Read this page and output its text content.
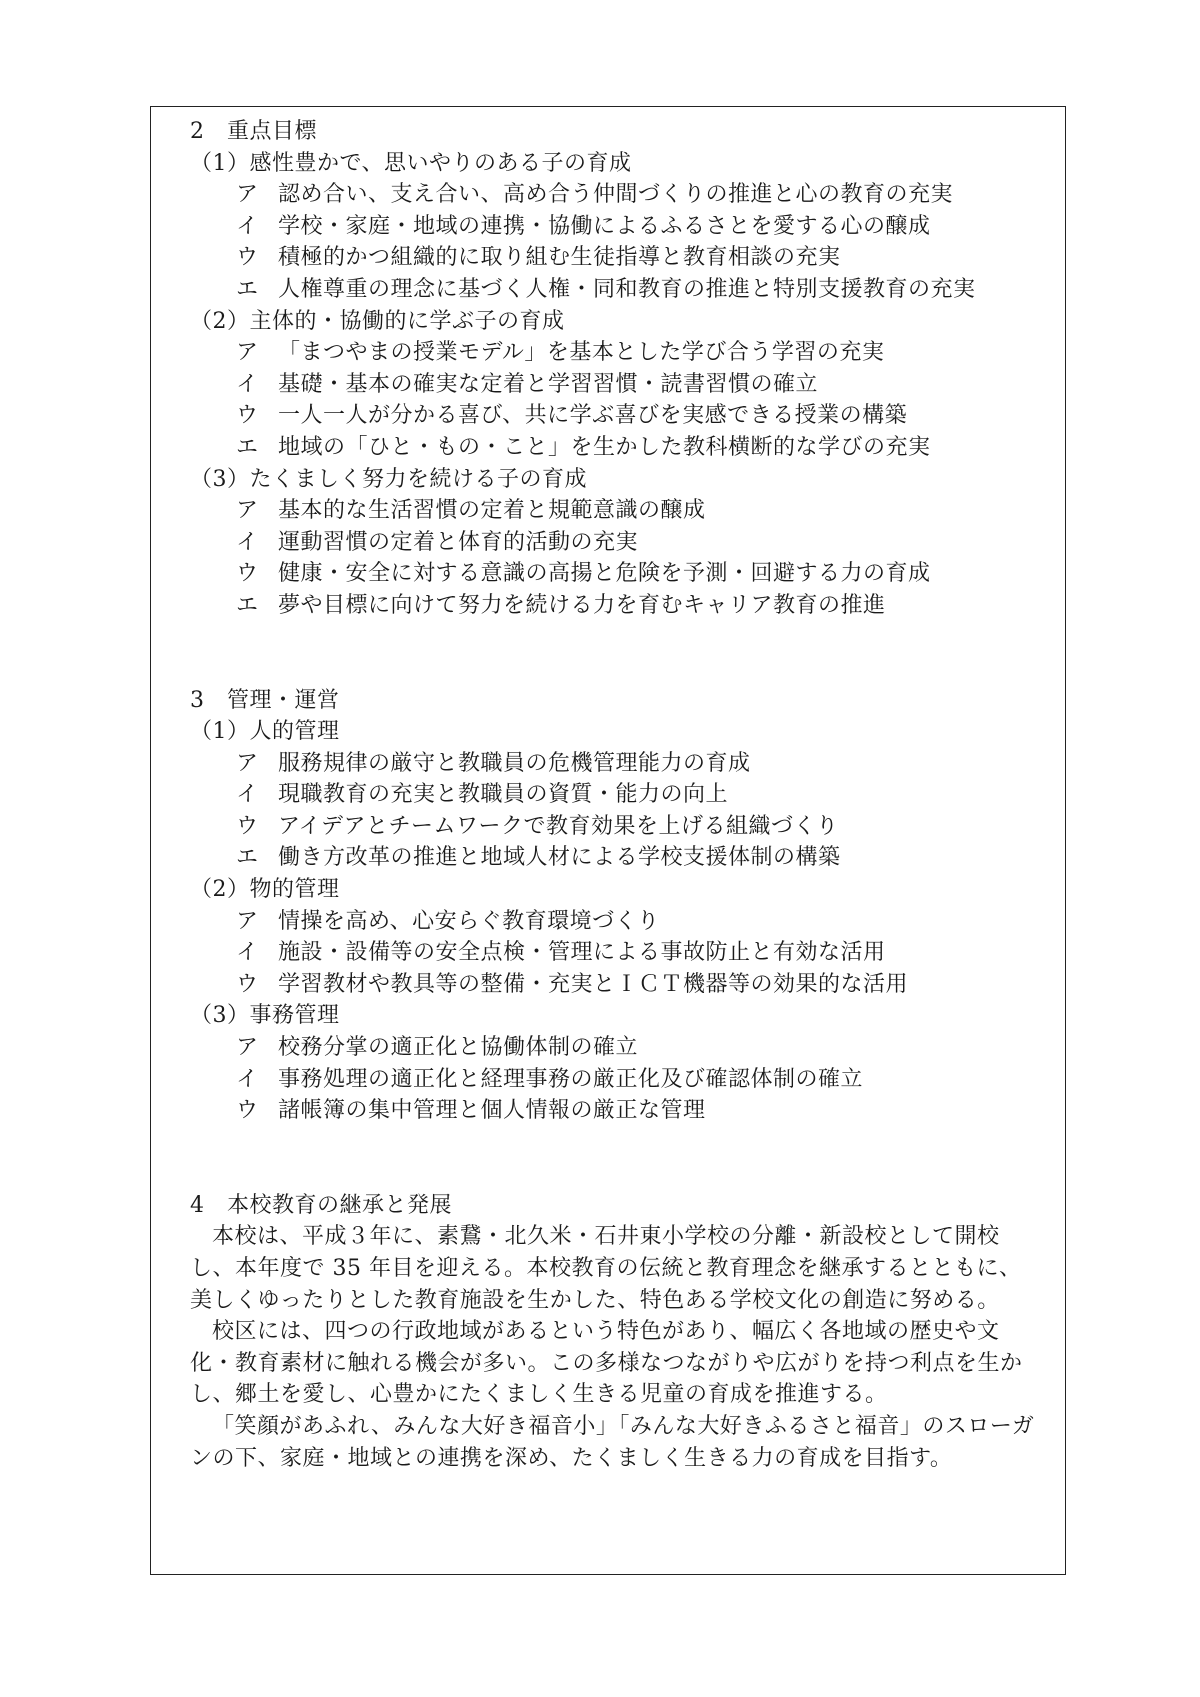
2　重点目標
（1）感性豊かで、思いやりのある子の育成
ア 認め合い、支え合い、高め合う仲間づくりの推進と心の教育の充実
イ 学校・家庭・地域の連携・協働によるふるさとを愛する心の醸成
ウ 積極的かつ組織的に取り組む生徒指導と教育相談の充実
エ 人権尊重の理念に基づく人権・同和教育の推進と特別支援教育の充実
（2）主体的・協働的に学ぶ子の育成
ア 「まつやまの授業モデル」を基本とした学び合う学習の充実
イ 基礎・基本の確実な定着と学習習慣・読書習慣の確立
ウ 一人一人が分かる喜び、共に学ぶ喜びを実感できる授業の構築
エ 地域の「ひと・もの・こと」を生かした教科横断的な学びの充実
（3）たくましく努力を続ける子の育成
ア 基本的な生活習慣の定着と規範意識の醸成
イ 運動習慣の定着と体育的活動の充実
ウ 健康・安全に対する意識の高揚と危険を予測・回避する力の育成
エ 夢や目標に向けて努力を続ける力を育むキャリア教育の推進
3　管理・運営
（1）人的管理
ア 服務規律の厳守と教職員の危機管理能力の育成
イ 現職教育の充実と教職員の資質・能力の向上
ウ アイデアとチームワークで教育効果を上げる組織づくり
エ 働き方改革の推進と地域人材による学校支援体制の構築
（2）物的管理
ア 情操を高め、心安らぐ教育環境づくり
イ 施設・設備等の安全点検・管理による事故防止と有効な活用
ウ 学習教材や教具等の整備・充実とＩＣＴ機器等の効果的な活用
（3）事務管理
ア 校務分掌の適正化と協働体制の確立
イ 事務処理の適正化と経理事務の厳正化及び確認体制の確立
ウ 諸帳簿の集中管理と個人情報の厳正な管理
4　本校教育の継承と発展

本校は、平成３年に、素鵞・北久米・石井東小学校の分離・新設校として開校し、本年度で 35 年目を迎える。本校教育の伝統と教育理念を継承するとともに、美しくゆったりとした教育施設を生かした、特色ある学校文化の創造に努める。

校区には、四つの行政地域があるという特色があり、幅広く各地域の歴史や文化・教育素材に触れる機会が多い。この多様なつながりや広がりを持つ利点を生かし、郷土を愛し、心豊かにたくましく生きる児童の育成を推進する。

「笑顔があふれ、みんな大好き福音小」「みんな大好きふるさと福音」のスローガンの下、家庭・地域との連携を深め、たくましく生きる力の育成を目指す。
